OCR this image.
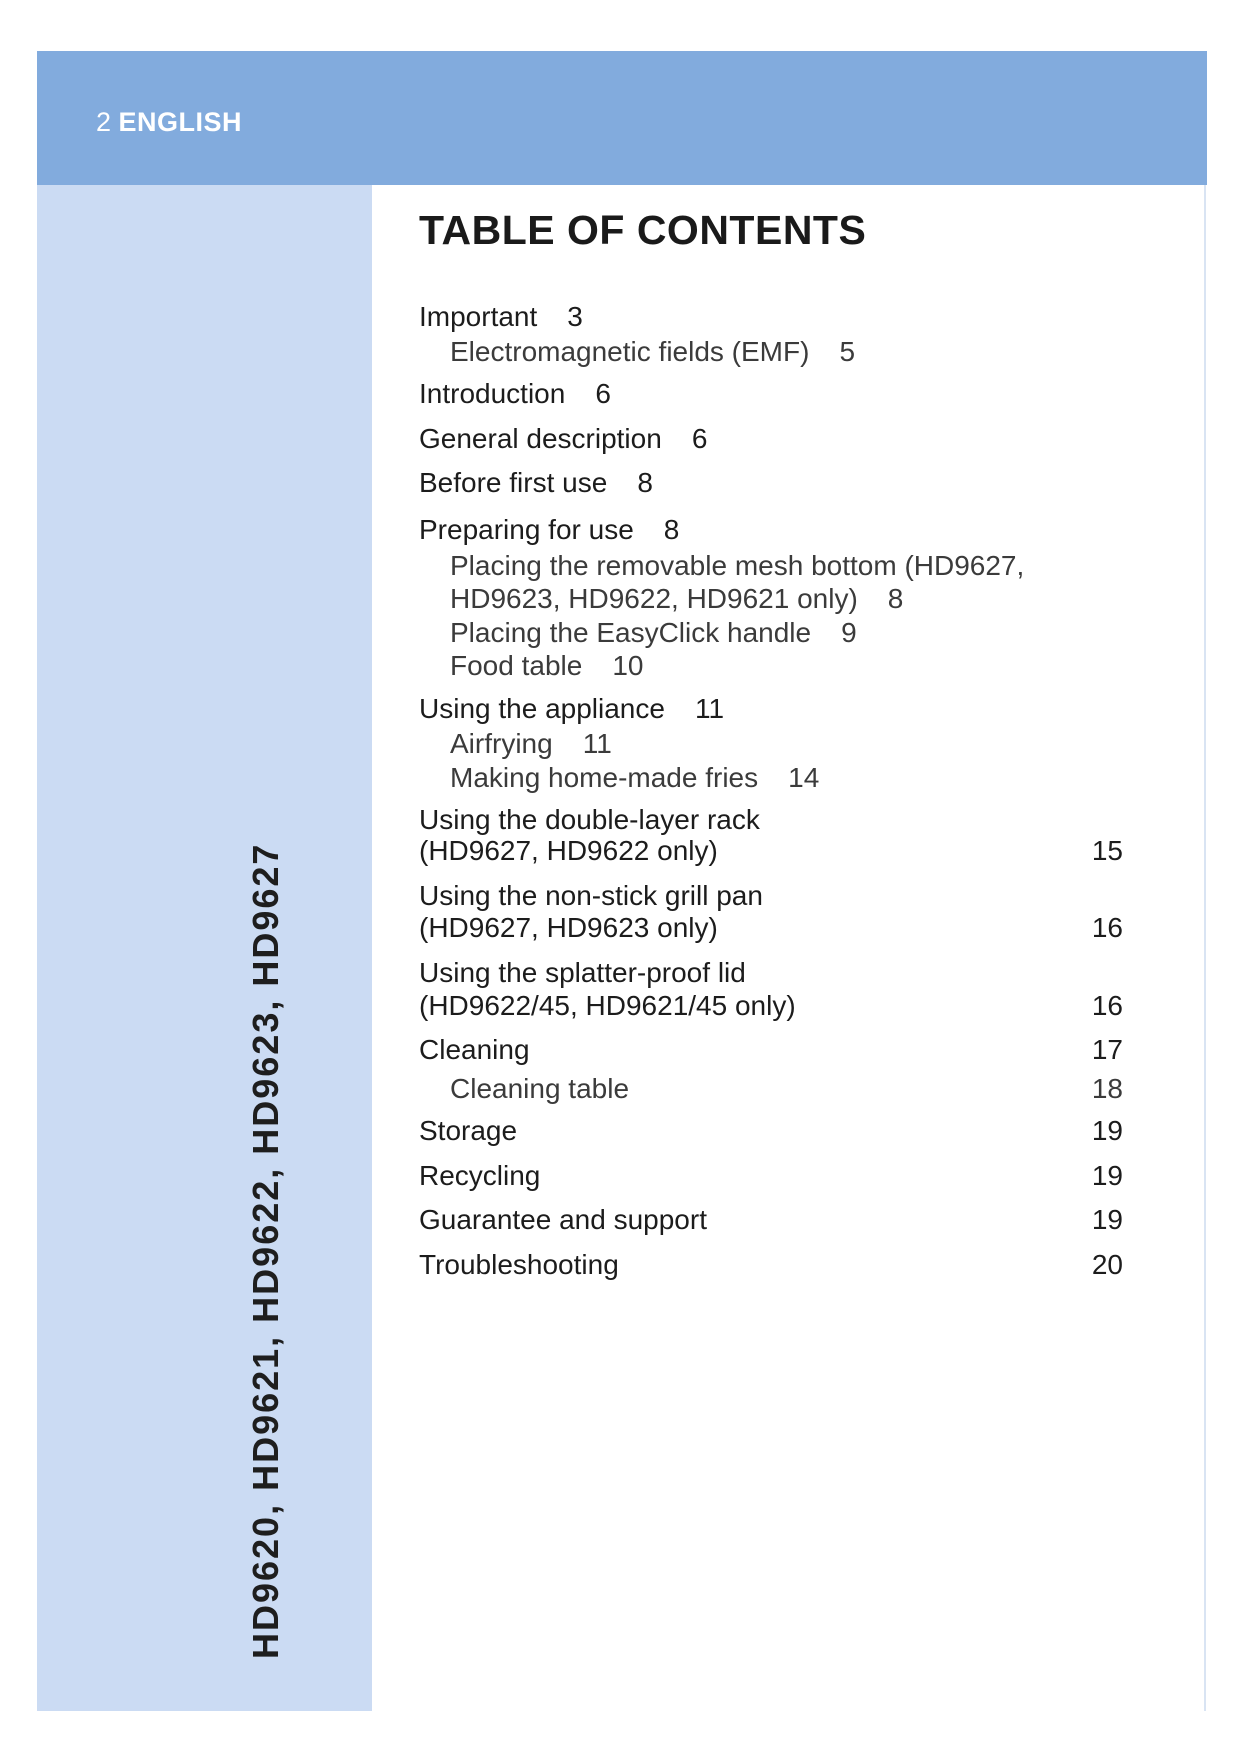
2 ENGLISH
HD9620, HD9621, HD9622, HD9623, HD9627
TABLE OF CONTENTS
Important 3
Electromagnetic fields (EMF) 5
Introduction 6
General description 6
Before first use 8
Preparing for use 8
Placing the removable mesh bottom (HD9627,
HD9623, HD9622, HD9621 only) 8
Placing the EasyClick handle 9
Food table 10
Using the appliance 11
Airfrying 11
Making home-made fries 14
Using the double-layer rack
(HD9627, HD9622 only)	15
Using the non-stick grill pan
(HD9627, HD9623 only)	16
Using the splatter-proof lid
(HD9622/45, HD9621/45 only)	16
Cleaning	17
Cleaning table	18
Storage	19
Recycling	19
Guarantee and support	19
Troubleshooting	20
